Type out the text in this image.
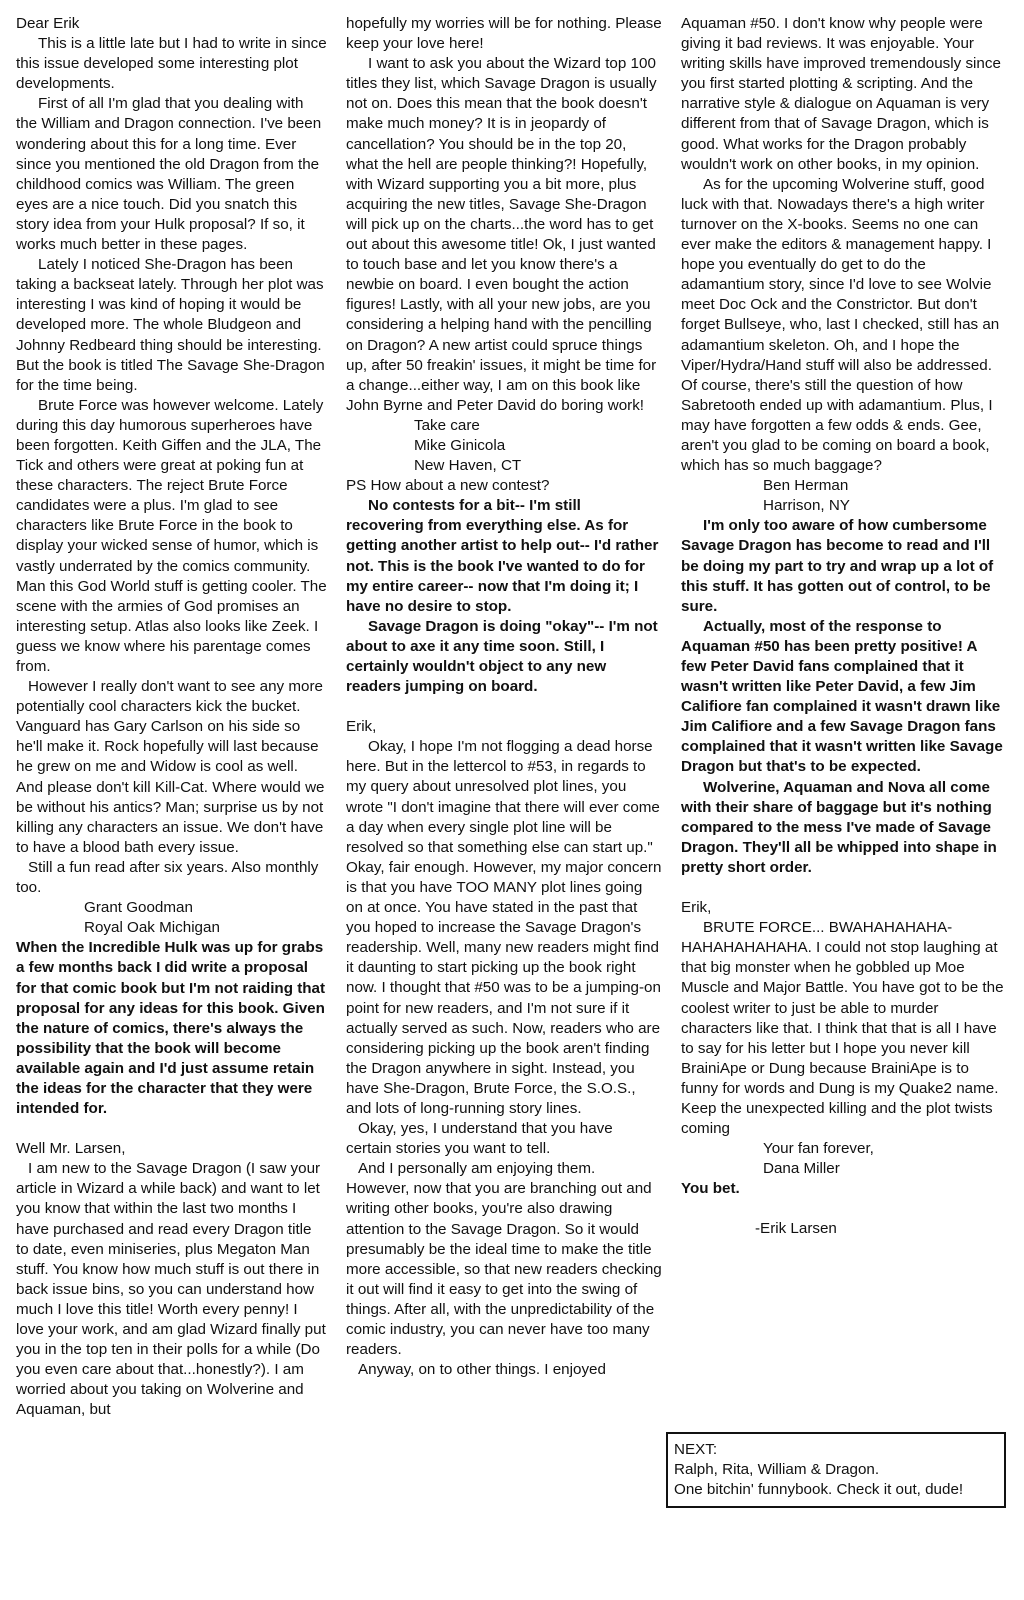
Dear Erik

This is a little late but I had to write in since this issue developed some interesting plot developments.

First of all I'm glad that you dealing with the William and Dragon connection. I've been wondering about this for a long time. Ever since you mentioned the old Dragon from the childhood comics was William. The green eyes are a nice touch. Did you snatch this story idea from your Hulk proposal? If so, it works much better in these pages.

Lately I noticed She-Dragon has been taking a backseat lately. Through her plot was interesting I was kind of hoping it would be developed more. The whole Bludgeon and Johnny Redbeard thing should be interesting. But the book is titled The Savage She-Dragon for the time being.

Brute Force was however welcome. Lately during this day humorous superheroes have been forgotten. Keith Giffen and the JLA, The Tick and others were great at poking fun at these characters. The reject Brute Force candidates were a plus. I'm glad to see characters like Brute Force in the book to display your wicked sense of humor, which is vastly underrated by the comics community. Man this God World stuff is getting cooler. The scene with the armies of God promises an interesting setup. Atlas also looks like Zeek. I guess we know where his parentage comes from.

However I really don't want to see any more potentially cool characters kick the bucket. Vanguard has Gary Carlson on his side so he'll make it. Rock hopefully will last because he grew on me and Widow is cool as well. And please don't kill Kill-Cat. Where would we be without his antics? Man; surprise us by not killing any characters an issue. We don't have to have a blood bath every issue.

Still a fun read after six years. Also monthly too.

Grant Goodman

Royal Oak Michigan

When the Incredible Hulk was up for grabs a few months back I did write a proposal for that comic book but I'm not raiding that proposal for any ideas for this book. Given the nature of comics, there's always the possibility that the book will become available again and I'd just assume retain the ideas for the character that they were intended for.

Well Mr. Larsen,

I am new to the Savage Dragon (I saw your article in Wizard a while back) and want to let you know that within the last two months I have purchased and read every Dragon title to date, even miniseries, plus Megaton Man stuff. You know how much stuff is out there in back issue bins, so you can understand how much I love this title! Worth every penny! I love your work, and am glad Wizard finally put you in the top ten in their polls for a while (Do you even care about that...honestly?). I am worried about you taking on Wolverine and Aquaman, but

hopefully my worries will be for nothing. Please keep your love here!

I want to ask you about the Wizard top 100 titles they list, which Savage Dragon is usually not on. Does this mean that the book doesn't make much money? It is in jeopardy of cancellation? You should be in the top 20, what the hell are people thinking?! Hopefully, with Wizard supporting you a bit more, plus acquiring the new titles, Savage She-Dragon will pick up on the charts...the word has to get out about this awesome title! Ok, I just wanted to touch base and let you know there's a newbie on board. I even bought the action figures! Lastly, with all your new jobs, are you considering a helping hand with the pencilling on Dragon? A new artist could spruce things up, after 50 freakin' issues, it might be time for a change...either way, I am on this book like John Byrne and Peter David do boring work!

Take care

Mike Ginicola

New Haven, CT

PS How about a new contest?

No contests for a bit-- I'm still recovering from everything else. As for getting another artist to help out-- I'd rather not. This is the book I've wanted to do for my entire career-- now that I'm doing it; I have no desire to stop.

Savage Dragon is doing "okay"-- I'm not about to axe it any time soon. Still, I certainly wouldn't object to any new readers jumping on board.

Erik,

Okay, I hope I'm not flogging a dead horse here. But in the lettercol to #53, in regards to my query about unresolved plot lines, you wrote "I don't imagine that there will ever come a day when every single plot line will be resolved so that something else can start up." Okay, fair enough. However, my major concern is that you have TOO MANY plot lines going on at once. You have stated in the past that you hoped to increase the Savage Dragon's readership. Well, many new readers might find it daunting to start picking up the book right now. I thought that #50 was to be a jumping-on point for new readers, and I'm not sure if it actually served as such. Now, readers who are considering picking up the book aren't finding the Dragon anywhere in sight. Instead, you have She-Dragon, Brute Force, the S.O.S., and lots of long-running story lines.

Okay, yes, I understand that you have certain stories you want to tell.

And I personally am enjoying them. However, now that you are branching out and writing other books, you're also drawing attention to the Savage Dragon. So it would presumably be the ideal time to make the title more accessible, so that new readers checking it out will find it easy to get into the swing of things. After all, with the unpredictability of the comic industry, you can never have too many readers.

Anyway, on to other things. I enjoyed

Aquaman #50. I don't know why people were giving it bad reviews. It was enjoyable. Your writing skills have improved tremendously since you first started plotting & scripting. And the narrative style & dialogue on Aquaman is very different from that of Savage Dragon, which is good. What works for the Dragon probably wouldn't work on other books, in my opinion.

As for the upcoming Wolverine stuff, good luck with that. Nowadays there's a high writer turnover on the X-books. Seems no one can ever make the editors & management happy. I hope you eventually do get to do the adamantium story, since I'd love to see Wolvie meet Doc Ock and the Constrictor. But don't forget Bullseye, who, last I checked, still has an adamantium skeleton. Oh, and I hope the Viper/Hydra/Hand stuff will also be addressed. Of course, there's still the question of how Sabretooth ended up with adamantium. Plus, I may have forgotten a few odds & ends. Gee, aren't you glad to be coming on board a book, which has so much baggage?

Ben Herman

Harrison, NY

I'm only too aware of how cumbersome Savage Dragon has become to read and I'll be doing my part to try and wrap up a lot of this stuff. It has gotten out of control, to be sure.

Actually, most of the response to Aquaman #50 has been pretty positive! A few Peter David fans complained that it wasn't written like Peter David, a few Jim Califiore fan complained it wasn't drawn like Jim Califiore and a few Savage Dragon fans complained that it wasn't written like Savage Dragon but that's to be expected.

Wolverine, Aquaman and Nova all come with their share of baggage but it's nothing compared to the mess I've made of Savage Dragon. They'll all be whipped into shape in pretty short order.

Erik,

BRUTE FORCE... BWAHAHAHAHA-HAHAHAHAHAHA. I could not stop laughing at that big monster when he gobbled up Moe Muscle and Major Battle. You have got to be the coolest writer to just be able to murder characters like that. I think that that is all I have to say for his letter but I hope you never kill BrainiApe or Dung because BrainiApe is to funny for words and Dung is my Quake2 name. Keep the unexpected killing and the plot twists coming

Your fan forever,

Dana Miller

You bet.

-Erik Larsen

NEXT:
Ralph, Rita, William & Dragon.
One bitchin' funnybook. Check it out, dude!
